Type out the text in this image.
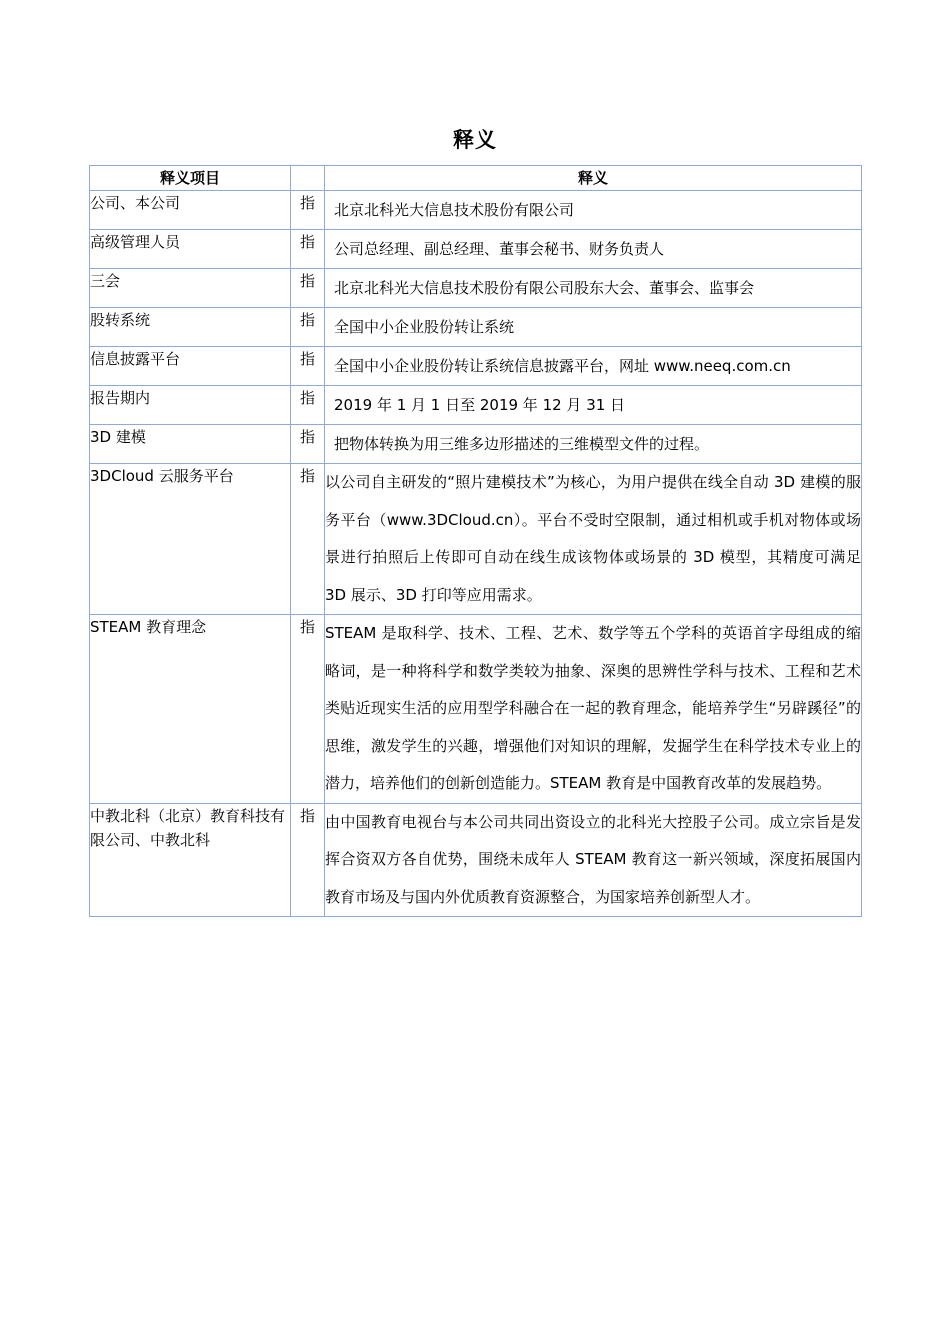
释义
释义项目		释义
公司、本公司	指	北京北科光大信息技术股份有限公司
高级管理人员	指	公司总经理、副总经理、董事会秘书、财务负责人
三会	指	北京北科光大信息技术股份有限公司股东大会、董事会、监事会
股转系统	指	全国中小企业股份转让系统
信息披露平台	指	全国中小企业股份转让系统信息披露平台，网址 www.neeq.com.cn
报告期内	指	2019 年 1 月 1 日至 2019 年 12 月 31 日
3D 建模	指	把物体转换为用三维多边形描述的三维模型文件的过程。
3DCloud 云服务平台	指	以公司自主研发的“照片建模技术”为核心，为用户提供在线全自动 3D 建模的服务平台（www.3DCloud.cn）。平台不受时空限制，通过相机或手机对物体或场景进行拍照后上传即可自动在线生成该物体或场景的 3D 模型，其精度可满足 3D 展示、3D 打印等应用需求。
STEAM 教育理念	指	STEAM 是取科学、技术、工程、艺术、数学等五个学科的英语首字母组成的缩略词，是一种将科学和数学类较为抽象、深奥的思辨性学科与技术、工程和艺术类贴近现实生活的应用型学科融合在一起的教育理念，能培养学生“另辟蹊径”的思维，激发学生的兴趣，增强他们对知识的理解，发掘学生在科学技术专业上的潜力，培养他们的创新创造能力。STEAM 教育是中国教育改革的发展趋势。
中教北科（北京）教育科技有限公司、中教北科	指	由中国教育电视台与本公司共同出资设立的北科光大控股子公司。成立宗旨是发挥合资双方各自优势，围绕未成年人 STEAM 教育这一新兴领域，深度拓展国内教育市场及与国内外优质教育资源整合，为国家培养创新型人才。
